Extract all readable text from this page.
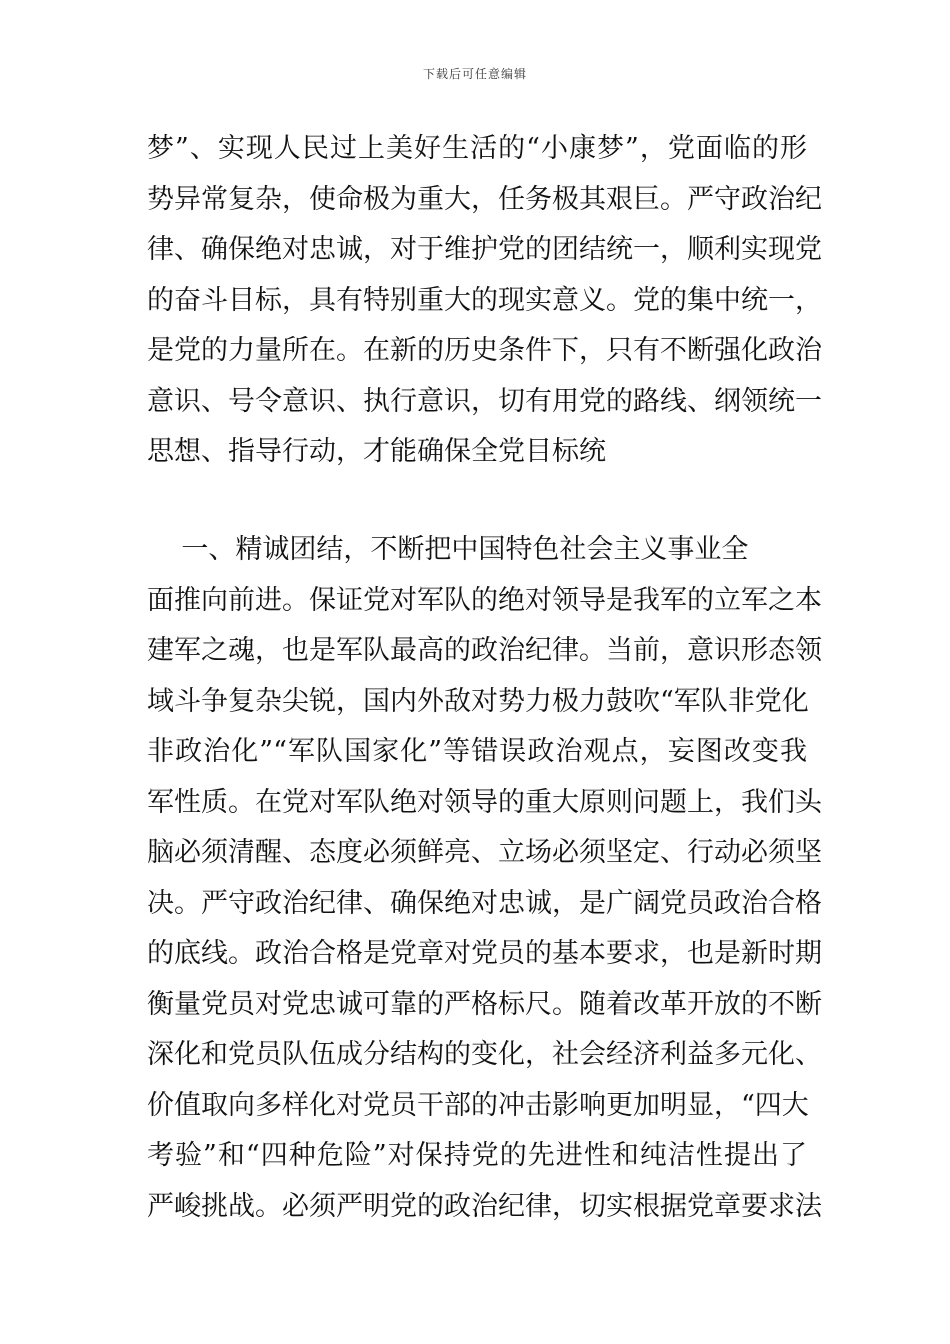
下载后可任意编辑
梦”、实现人民过上美好生活的“小康梦”，党面临的形
势异常复杂，使命极为重大，任务极其艰巨。严守政治纪
律、确保绝对忠诚，对于维护党的团结统一，顺利实现党
的奋斗目标，具有特别重大的现实意义。党的集中统一，
是党的力量所在。在新的历史条件下，只有不断强化政治
意识、号令意识、执行意识，切有用党的路线、纲领统一
思想、指导行动，才能确保全党目标统
一、精诚团结，不断把中国特色社会主义事业全
面推向前进。保证党对军队的绝对领导是我军的立军之本
建军之魂，也是军队最高的政治纪律。当前，意识形态领
域斗争复杂尖锐，国内外敌对势力极力鼓吹“军队非党化
非政治化”“军队国家化”等错误政治观点，妄图改变我
军性质。在党对军队绝对领导的重大原则问题上，我们头
脑必须清醒、态度必须鲜亮、立场必须坚定、行动必须坚
决。严守政治纪律、确保绝对忠诚，是广阔党员政治合格
的底线。政治合格是党章对党员的基本要求，也是新时期
衡量党员对党忠诚可靠的严格标尺。随着改革开放的不断
深化和党员队伍成分结构的变化，社会经济利益多元化、
价值取向多样化对党员干部的冲击影响更加明显，“四大
考验”和“四种危险”对保持党的先进性和纯洁性提出了
严峻挑战。必须严明党的政治纪律，切实根据党章要求法
